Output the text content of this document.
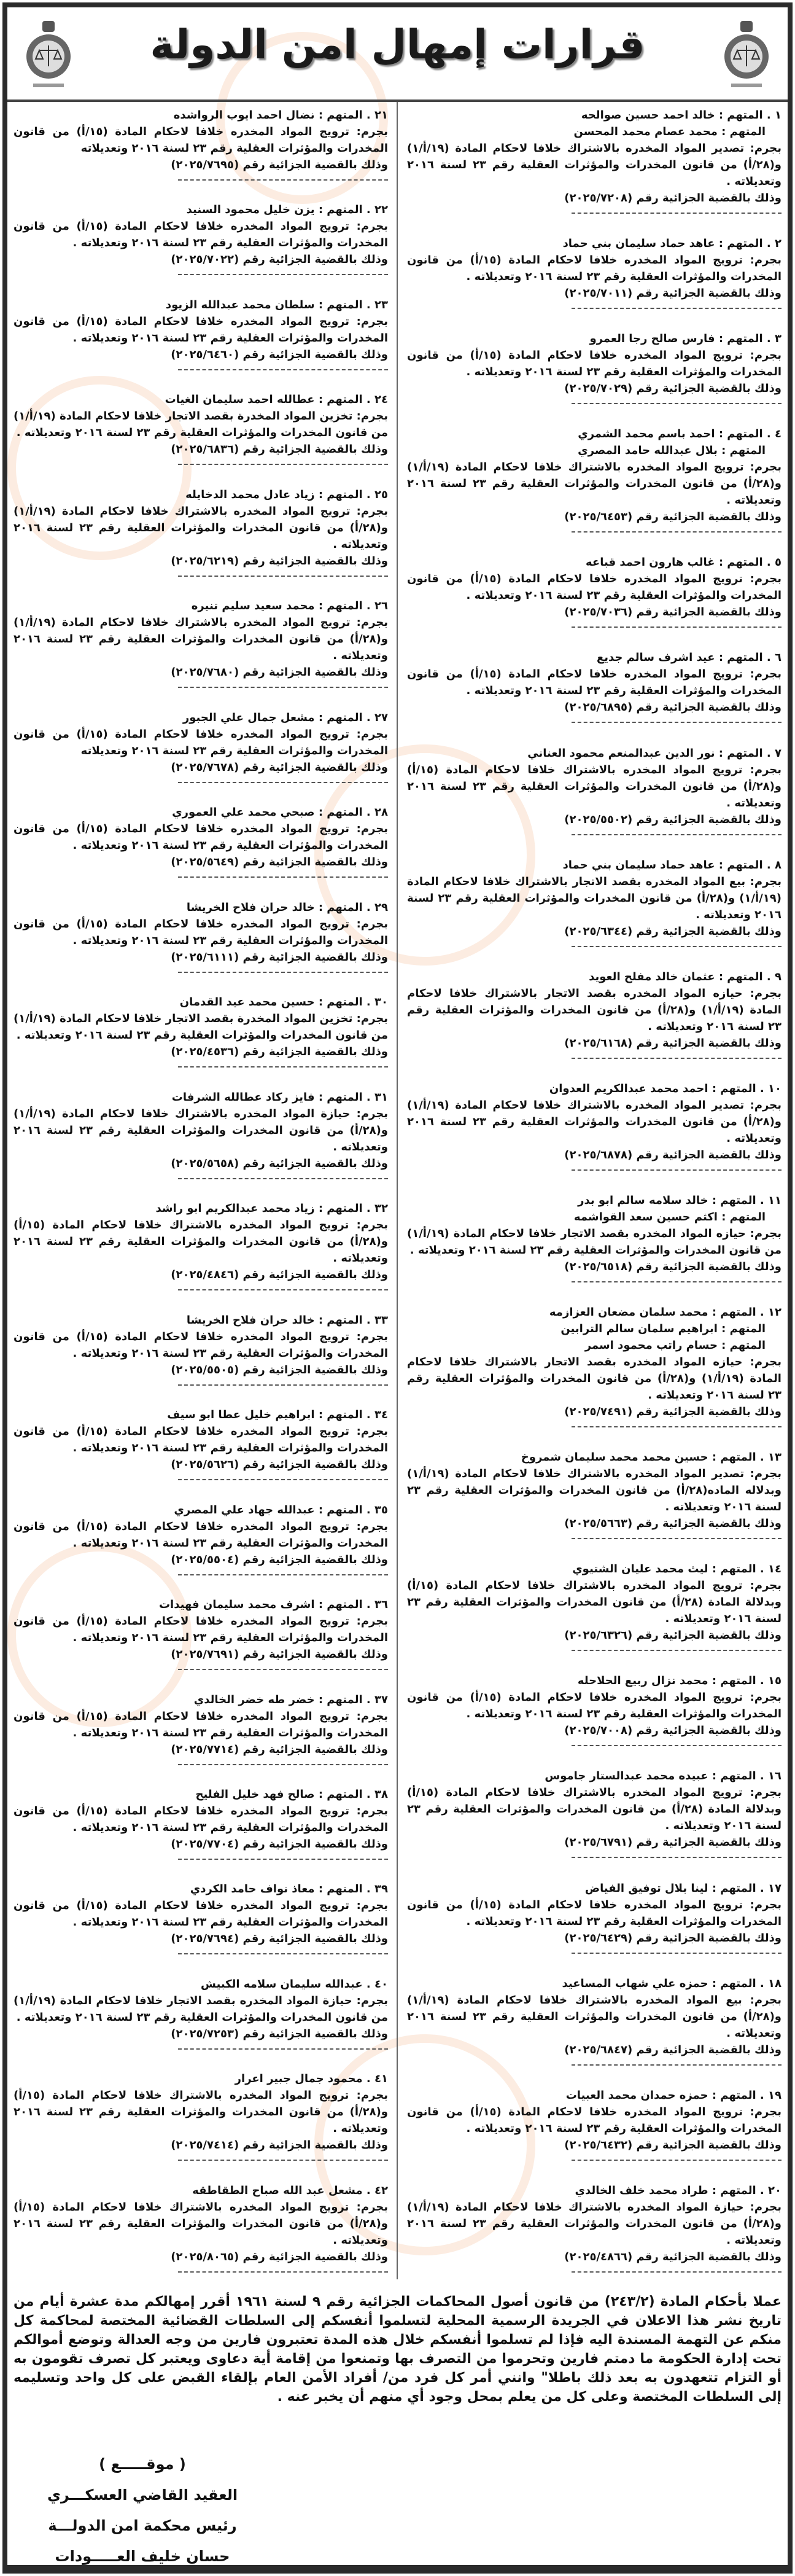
قرارات إمهال امن الدولة
١ . المتهم : خالد احمد حسين صوالحه
المتهم : محمد عصام محمد المحسن
بجرم: تصدير المواد المخدره بالاشتراك خلافا لاحكام المادة (١٩/أ/١) و(٢٨/أ) من قانون المخدرات والمؤثرات العقلية رقم ٢٣ لسنة ٢٠١٦ وتعديلاته .
وذلك بالقضية الجزائية رقم (٢٠٢٥/٧٢٠٨)
٢ . المتهم : عاهد حماد سليمان بني حماد
بجرم: ترويج المواد المخدره خلافا لاحكام المادة (١٥/أ) من قانون المخدرات والمؤثرات العقلية رقم ٢٣ لسنة ٢٠١٦ وتعديلاته .
وذلك بالقضية الجزائية رقم (٢٠٢٥/٧٠١١)
٣ . المتهم : فارس صالح رجا العمرو
بجرم: ترويج المواد المخدره خلافا لاحكام المادة (١٥/أ) من قانون المخدرات والمؤثرات العقلية رقم ٢٣ لسنة ٢٠١٦ وتعديلاته .
وذلك بالقضية الجزائية رقم (٢٠٢٥/٧٠٢٩)
٤ . المتهم : احمد باسم محمد الشمري
المتهم : بلال عبدالله حامد المصري
بجرم: ترويج المواد المخدره بالاشتراك خلافا لاحكام المادة (١٩/أ/١) و(٢٨/أ) من قانون المخدرات والمؤثرات العقلية رقم ٢٣ لسنة ٢٠١٦ وتعديلاته .
وذلك بالقضية الجزائية رقم (٢٠٢٥/٦٤٥٣)
٥ . المتهم : غالب هارون احمد قباعه
بجرم: ترويج المواد المخدره خلافا لاحكام المادة (١٥/أ) من قانون المخدرات والمؤثرات العقلية رقم ٢٣ لسنة ٢٠١٦ وتعديلاته .
وذلك بالقضية الجزائية رقم (٢٠٢٥/٧٠٣٦)
٦ . المتهم : عيد اشرف سالم جديع
بجرم: ترويج المواد المخدره خلافا لاحكام المادة (١٥/أ) من قانون المخدرات والمؤثرات العقلية رقم ٢٣ لسنة ٢٠١٦ وتعديلاته .
وذلك بالقضية الجزائية رقم (٢٠٢٥/٦٨٩٥)
٧ . المتهم : نور الدين عبدالمنعم محمود العناني
بجرم: ترويج المواد المخدره بالاشتراك خلافا لاحكام المادة (١٥/أ) و(٢٨/أ) من قانون المخدرات والمؤثرات العقلية رقم ٢٣ لسنة ٢٠١٦ وتعديلاته .
وذلك بالقضية الجزائية رقم (٢٠٢٥/٥٥٠٢)
٨ . المتهم : عاهد حماد سليمان بني حماد
بجرم: بيع المواد المخدره بقصد الاتجار بالاشتراك خلافا لاحكام المادة (١٩/أ/١) و(٢٨/أ) من قانون المخدرات والمؤثرات العقلية رقم ٢٣ لسنة ٢٠١٦ وتعديلاته .
وذلك بالقضية الجزائية رقم (٢٠٢٥/٦٣٤٤)
٩ . المتهم : عثمان خالد مفلح العويد
بجرم: حيازه المواد المخدره بقصد الاتجار بالاشتراك خلافا لاحكام المادة (١٩/أ/١) و(٢٨/أ) من قانون المخدرات والمؤثرات العقلية رقم ٢٣ لسنة ٢٠١٦ وتعديلاته .
وذلك بالقضية الجزائية رقم (٢٠٢٥/٦١٦٨)
١٠ . المتهم : احمد محمد عبدالكريم العدوان
بجرم: تصدير المواد المخدره بالاشتراك خلافا لاحكام المادة (١٩/أ/١) و(٢٨/أ) من قانون المخدرات والمؤثرات العقلية رقم ٢٣ لسنة ٢٠١٦ وتعديلاته .
وذلك بالقضية الجزائية رقم (٢٠٢٥/٦٨٧٨)
١١ . المتهم : خالد سلامه سالم ابو بدر
المتهم : اكثم حسين سعد القواشمه
بجرم: حيازه المواد المخدره بقصد الاتجار خلافا لاحكام المادة (١٩/أ/١) من قانون المخدرات والمؤثرات العقلية رقم ٢٣ لسنة ٢٠١٦ وتعديلاته .
وذلك بالقضية الجزائية رقم (٢٠٢٥/٦٥١٨)
١٢ . المتهم : محمد سلمان مضعان العزازمه
المتهم : ابراهيم سلمان سالم الترابين
المتهم : حسام راتب محمود اسمر
بجرم: حيازه المواد المخدره بقصد الاتجار بالاشتراك خلافا لاحكام المادة (١٩/أ/١) و(٢٨/أ) من قانون المخدرات والمؤثرات العقلية رقم ٢٣ لسنة ٢٠١٦ وتعديلاته .
وذلك بالقضية الجزائية رقم (٢٠٢٥/٧٤٩١)
١٣ . المتهم : حسين محمد محمد سليمان شمروخ
بجرم: تصدير المواد المخدره بالاشتراك خلافا لاحكام المادة (١٩/أ/١) وبدلاله الماده(٢٨/أ) من قانون المخدرات والمؤثرات العقلية رقم ٢٣ لسنة ٢٠١٦ وتعديلاته .
وذلك بالقضية الجزائية رقم (٢٠٢٥/٥٦٦٣)
١٤ . المتهم : ليث محمد عليان الشتيوي
بجرم: ترويج المواد المخدره بالاشتراك خلافا لاحكام المادة (١٥/أ) وبدلالة المادة (٢٨/أ) من قانون المخدرات والمؤثرات العقلية رقم ٢٣ لسنة ٢٠١٦ وتعديلاته .
وذلك بالقضية الجزائية رقم (٢٠٢٥/٦٣٢٦)
١٥ . المتهم : محمد نزال ربيع الحلاحله
بجرم: ترويج المواد المخدره خلافا لاحكام المادة (١٥/أ) من قانون المخدرات والمؤثرات العقلية رقم ٢٣ لسنة ٢٠١٦ وتعديلاته .
وذلك بالقضية الجزائية رقم (٢٠٢٥/٧٠٠٨)
١٦ . المتهم : عبيده محمد عبدالستار جاموس
بجرم: ترويج المواد المخدره بالاشتراك خلافا لاحكام المادة (١٥/أ) وبدلالة المادة (٢٨/أ) من قانون المخدرات والمؤثرات العقلية رقم ٢٣ لسنة ٢٠١٦ وتعديلاته .
وذلك بالقضية الجزائية رقم (٢٠٢٥/٦٧٩١)
١٧ . المتهم : لينا بلال توفيق الفياض
بجرم: ترويج المواد المخدره خلافا لاحكام المادة (١٥/أ) من قانون المخدرات والمؤثرات العقلية رقم ٢٣ لسنة ٢٠١٦ وتعديلاته .
وذلك بالقضية الجزائية رقم (٢٠٢٥/٦٤٢٩)
١٨ . المتهم : حمزه علي شهاب المساعيد
بجرم: بيع المواد المخدره بالاشتراك خلافا لاحكام المادة (١٩/أ/١) و(٢٨/أ) من قانون المخدرات والمؤثرات العقلية رقم ٢٣ لسنة ٢٠١٦ وتعديلاته .
وذلك بالقضية الجزائية رقم (٢٠٢٥/٦٨٤٧)
١٩ . المتهم : حمزه حمدان محمد العبيات
بجرم: ترويج المواد المخدره خلافا لاحكام المادة (١٥/أ) من قانون المخدرات والمؤثرات العقلية رقم ٢٣ لسنة ٢٠١٦ وتعديلاته .
وذلك بالقضية الجزائية رقم (٢٠٢٥/٦٤٣٢)
٢٠ . المتهم : طراد محمد خلف الخالدي
بجرم: حيازة المواد المخدره بالاشتراك خلافا لاحكام المادة (١٩/أ/١) و(٢٨/أ) من قانون المخدرات والمؤثرات العقلية رقم ٢٣ لسنة ٢٠١٦ وتعديلاته .
وذلك بالقضية الجزائية رقم (٢٠٢٥/٤٨٦٦)
٢١ . المتهم : نضال احمد ايوب الرواشده
بجرم: ترويج المواد المخدره خلافا لاحكام المادة (١٥/أ) من قانون المخدرات والمؤثرات العقلية رقم ٢٣ لسنة ٢٠١٦ وتعديلاته
وذلك بالقضية الجزائية رقم (٢٠٢٥/٧٦٩٥)
٢٢ . المتهم : يزن خليل محمود السنيد
بجرم: ترويج المواد المخدره خلافا لاحكام المادة (١٥/أ) من قانون المخدرات والمؤثرات العقلية رقم ٢٣ لسنة ٢٠١٦ وتعديلاته .
وذلك بالقضية الجزائية رقم (٢٠٢٥/٧٠٢٢)
٢٣ . المتهم : سلطان محمد عبدالله الزيود
بجرم: ترويج المواد المخدره خلافا لاحكام المادة (١٥/أ) من قانون المخدرات والمؤثرات العقلية رقم ٢٣ لسنة ٢٠١٦ وتعديلاته .
وذلك بالقضية الجزائية رقم (٢٠٢٥/٦٤٦٠)
٢٤ . المتهم : عطالله احمد سليمان الغيات
بجرم: تخزين المواد المخدرة بقصد الاتجار خلافا لاحكام المادة (١٩/أ/١) من قانون المخدرات والمؤثرات العقلية رقم ٢٣ لسنة ٢٠١٦ وتعديلاته .
وذلك بالقضية الجزائية رقم (٢٠٢٥/٦٨٣٦)
٢٥ . المتهم : زياد عادل محمد الدخايله
بجرم: ترويج المواد المخدره بالاشتراك خلافا لاحكام المادة (١٩/أ/١) و(٢٨/أ) من قانون المخدرات والمؤثرات العقلية رقم ٢٣ لسنة ٢٠١٦ وتعديلاته .
وذلك بالقضية الجزائية رقم (٢٠٢٥/٦٢١٩)
٢٦ . المتهم : محمد سعيد سليم تنيره
بجرم: ترويج المواد المخدره بالاشتراك خلافا لاحكام المادة (١٩/أ/١) و(٢٨/أ) من قانون المخدرات والمؤثرات العقلية رقم ٢٣ لسنة ٢٠١٦ وتعديلاته .
وذلك بالقضية الجزائية رقم (٢٠٢٥/٧٦٨٠)
٢٧ . المتهم : مشعل جمال علي الجبور
بجرم: ترويج المواد المخدره خلافا لاحكام المادة (١٥/أ) من قانون المخدرات والمؤثرات العقلية رقم ٢٣ لسنة ٢٠١٦ وتعديلاته
وذلك بالقضية الجزائية رقم (٢٠٢٥/٧٦٧٨)
٢٨ . المتهم : صبحي محمد علي العموري
بجرم: ترويج المواد المخدره خلافا لاحكام المادة (١٥/أ) من قانون المخدرات والمؤثرات العقلية رقم ٢٣ لسنة ٢٠١٦ وتعديلاته .
وذلك بالقضية الجزائية رقم (٢٠٢٥/٥٦٤٩)
٢٩ . المتهم : خالد حران فلاح الخريشا
بجرم: ترويج المواد المخدره خلافا لاحكام المادة (١٥/أ) من قانون المخدرات والمؤثرات العقلية رقم ٢٣ لسنة ٢٠١٦ وتعديلاته .
وذلك بالقضية الجزائية رقم (٢٠٢٥/٦١١١)
٣٠ . المتهم : حسين محمد عيد القدمان
بجرم: تخزين المواد المخدرة بقصد الاتجار خلافا لاحكام المادة (١٩/أ/١) من قانون المخدرات والمؤثرات العقلية رقم ٢٣ لسنة ٢٠١٦ وتعديلاته .
وذلك بالقضية الجزائية رقم (٢٠٢٥/٤٥٣٦)
٣١ . المتهم : فايز ركاد عطالله الشرفات
بجرم: حيازة المواد المخدره بالاشتراك خلافا لاحكام المادة (١٩/أ/١) و(٢٨/أ) من قانون المخدرات والمؤثرات العقلية رقم ٢٣ لسنة ٢٠١٦ وتعديلاته .
وذلك بالقضية الجزائية رقم (٢٠٢٥/٥٦٥٨)
٣٢ . المتهم : زياد محمد عبدالكريم ابو راشد
بجرم: ترويج المواد المخدره بالاشتراك خلافا لاحكام المادة (١٥/أ) و(٢٨/أ) من قانون المخدرات والمؤثرات العقلية رقم ٢٣ لسنة ٢٠١٦ وتعديلاته .
وذلك بالقضية الجزائية رقم (٢٠٢٥/٤٨٤٦)
٣٣ . المتهم : خالد حران فلاح الخريشا
بجرم: ترويج المواد المخدره خلافا لاحكام المادة (١٥/أ) من قانون المخدرات والمؤثرات العقلية رقم ٢٣ لسنة ٢٠١٦ وتعديلاته .
وذلك بالقضية الجزائية رقم (٢٠٢٥/٥٥٠٥)
٣٤ . المتهم : ابراهيم خليل عطا ابو سيف
بجرم: ترويج المواد المخدره خلافا لاحكام المادة (١٥/أ) من قانون المخدرات والمؤثرات العقلية رقم ٢٣ لسنة ٢٠١٦ وتعديلاته .
وذلك بالقضية الجزائية رقم (٢٠٢٥/٥٦٢٦)
٣٥ . المتهم : عبدالله جهاد علي المصري
بجرم: ترويج المواد المخدره خلافا لاحكام المادة (١٥/أ) من قانون المخدرات والمؤثرات العقلية رقم ٢٣ لسنة ٢٠١٦ وتعديلاته .
وذلك بالقضية الجزائية رقم (٢٠٢٥/٥٥٠٤)
٣٦ . المتهم : اشرف محمد سليمان فهيدات
بجرم: ترويج المواد المخدره خلافا لاحكام المادة (١٥/أ) من قانون المخدرات والمؤثرات العقلية رقم ٢٣ لسنة ٢٠١٦ وتعديلاته .
وذلك بالقضية الجزائية رقم (٢٠٢٥/٧٦٩١)
٣٧ . المتهم : خضر طه خضر الخالدي
بجرم: ترويج المواد المخدره خلافا لاحكام المادة (١٥/أ) من قانون المخدرات والمؤثرات العقلية رقم ٢٣ لسنة ٢٠١٦ وتعديلاته .
وذلك بالقضية الجزائية رقم (٢٠٢٥/٧٧١٤)
٣٨ . المتهم : صالح فهد خليل الفليح
بجرم: ترويج المواد المخدره خلافا لاحكام المادة (١٥/أ) من قانون المخدرات والمؤثرات العقلية رقم ٢٣ لسنة ٢٠١٦ وتعديلاته .
وذلك بالقضية الجزائية رقم (٢٠٢٥/٧٧٠٤)
٣٩ . المتهم : معاذ نواف حامد الكردي
بجرم: ترويج المواد المخدره خلافا لاحكام المادة (١٥/أ) من قانون المخدرات والمؤثرات العقلية رقم ٢٣ لسنة ٢٠١٦ وتعديلاته .
وذلك بالقضية الجزائية رقم (٢٠٢٥/٧٦٩٤)
٤٠ . عبدالله سليمان سلامه الكبيش
بجرم: حيازة المواد المخدره بقصد الاتجار خلافا لاحكام المادة (١٩/أ/١) من قانون المخدرات والمؤثرات العقلية رقم ٢٣ لسنة ٢٠١٦ وتعديلاته .
وذلك بالقضية الجزائية رقم (٢٠٢٥/٧٢٥٣)
٤١ . محمود جمال جبير اعرار
بجرم: ترويج المواد المخدره بالاشتراك خلافا لاحكام المادة (١٥/أ) و(٢٨/أ) من قانون المخدرات والمؤثرات العقلية رقم ٢٣ لسنة ٢٠١٦ وتعديلاته .
وذلك بالقضية الجزائية رقم (٢٠٢٥/٧٤١٤)
٤٢ . مشعل عبد الله صباح الطقاطقه
بجرم: ترويج المواد المخدره بالاشتراك خلافا لاحكام المادة (١٥/أ) و(٢٨/أ) من قانون المخدرات والمؤثرات العقلية رقم ٢٣ لسنة ٢٠١٦ وتعديلاته .
وذلك بالقضية الجزائية رقم (٢٠٢٥/٨٠٦٥)
عملا بأحكام المادة (٢٤٣/٢) من قانون أصول المحاكمات الجزائية رقم ٩ لسنة ١٩٦١ أقرر إمهالكم مدة عشرة أيام من تاريخ نشر هذا الاعلان في الجريدة الرسمية المحلية لتسلموا أنفسكم إلى السلطات القضائية المختصة لمحاكمة كل منكم عن التهمة المسندة اليه فإذا لم تسلموا أنفسكم خلال هذه المدة تعتبرون فارين من وجه العدالة وتوضع أموالكم تحت إدارة الحكومة ما دمتم فارين وتحرموا من التصرف بها وتمنعوا من إقامة أية دعاوى ويعتبر كل تصرف تقومون به أو التزام تتعهدون به بعد ذلك باطلا" وانني أمر كل فرد من/ أفراد الأمن العام بإلقاء القبض على كل واحد وتسليمه إلى السلطات المختصة وعلى كل من يعلم بمحل وجود أي منهم أن يخبر عنه .
( موقـــــع )
العقيد القاضي العسكـــري
رئيس محكمة امن الدولـــة
حسان خليف العـــــودات
